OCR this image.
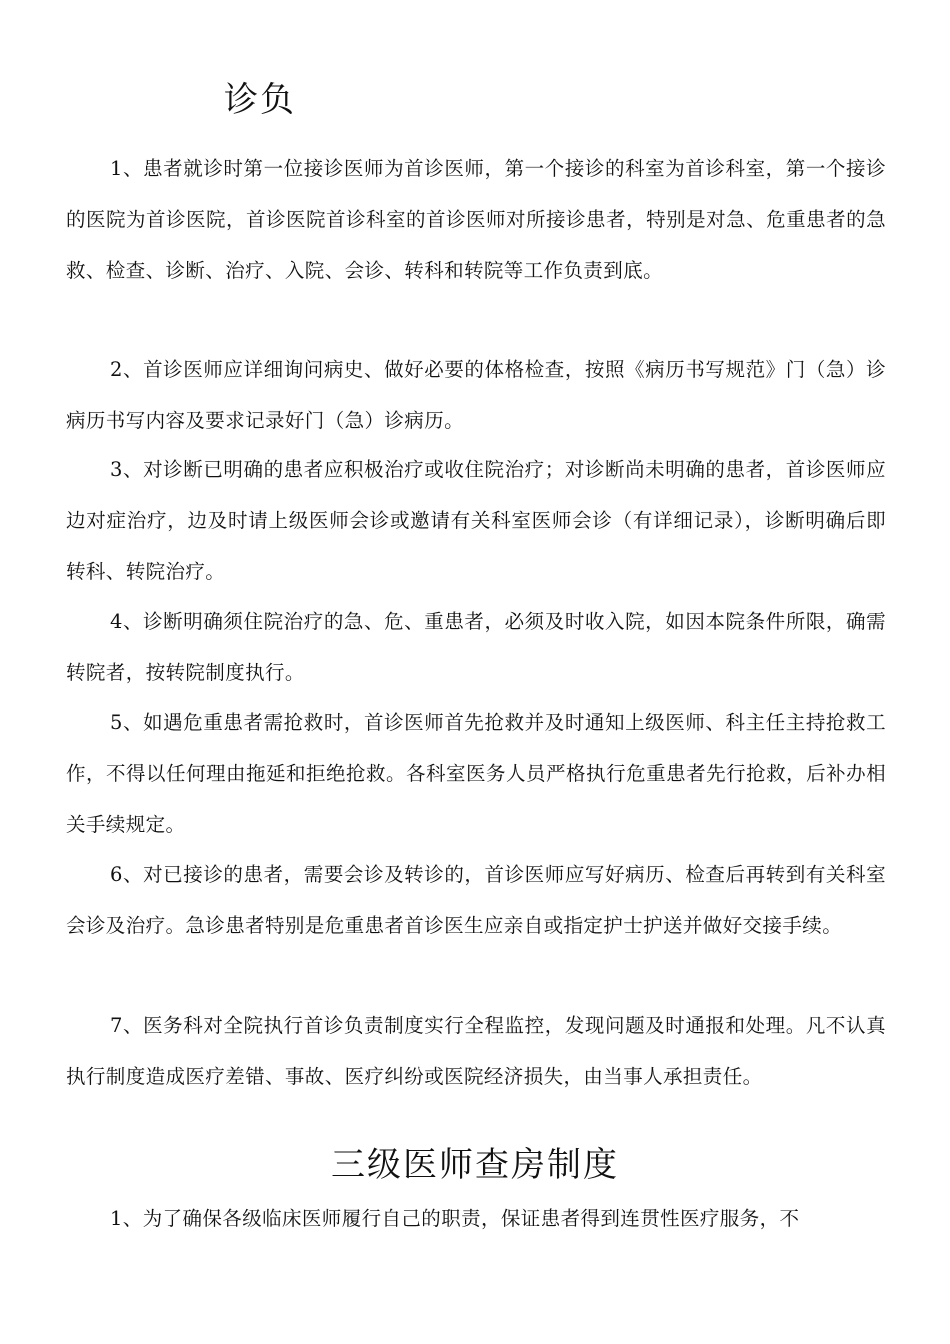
诊负

1、患者就诊时第一位接诊医师为首诊医师，第一个接诊的科室为首诊科室，第一个接诊的医院为首诊医院，首诊医院首诊科室的首诊医师对所接诊患者，特别是对急、危重患者的急救、检查、诊断、治疗、入院、会诊、转科和转院等工作负责到底。

2、首诊医师应详细询问病史、做好必要的体格检查，按照《病历书写规范》门（急）诊病历书写内容及要求记录好门（急）诊病历。

3、对诊断已明确的患者应积极治疗或收住院治疗；对诊断尚未明确的患者，首诊医师应边对症治疗，边及时请上级医师会诊或邀请有关科室医师会诊（有详细记录），诊断明确后即转科、转院治疗。

4、诊断明确须住院治疗的急、危、重患者，必须及时收入院，如因本院条件所限，确需转院者，按转院制度执行。

5、如遇危重患者需抢救时，首诊医师首先抢救并及时通知上级医师、科主任主持抢救工作，不得以任何理由拖延和拒绝抢救。各科室医务人员严格执行危重患者先行抢救，后补办相关手续规定。

6、对已接诊的患者，需要会诊及转诊的，首诊医师应写好病历、检查后再转到有关科室会诊及治疗。急诊患者特别是危重患者首诊医生应亲自或指定护士护送并做好交接手续。

7、医务科对全院执行首诊负责制度实行全程监控，发现问题及时通报和处理。凡不认真执行制度造成医疗差错、事故、医疗纠纷或医院经济损失，由当事人承担责任。

三级医师查房制度

1、为了确保各级临床医师履行自己的职责，保证患者得到连贯性医疗服务，不
